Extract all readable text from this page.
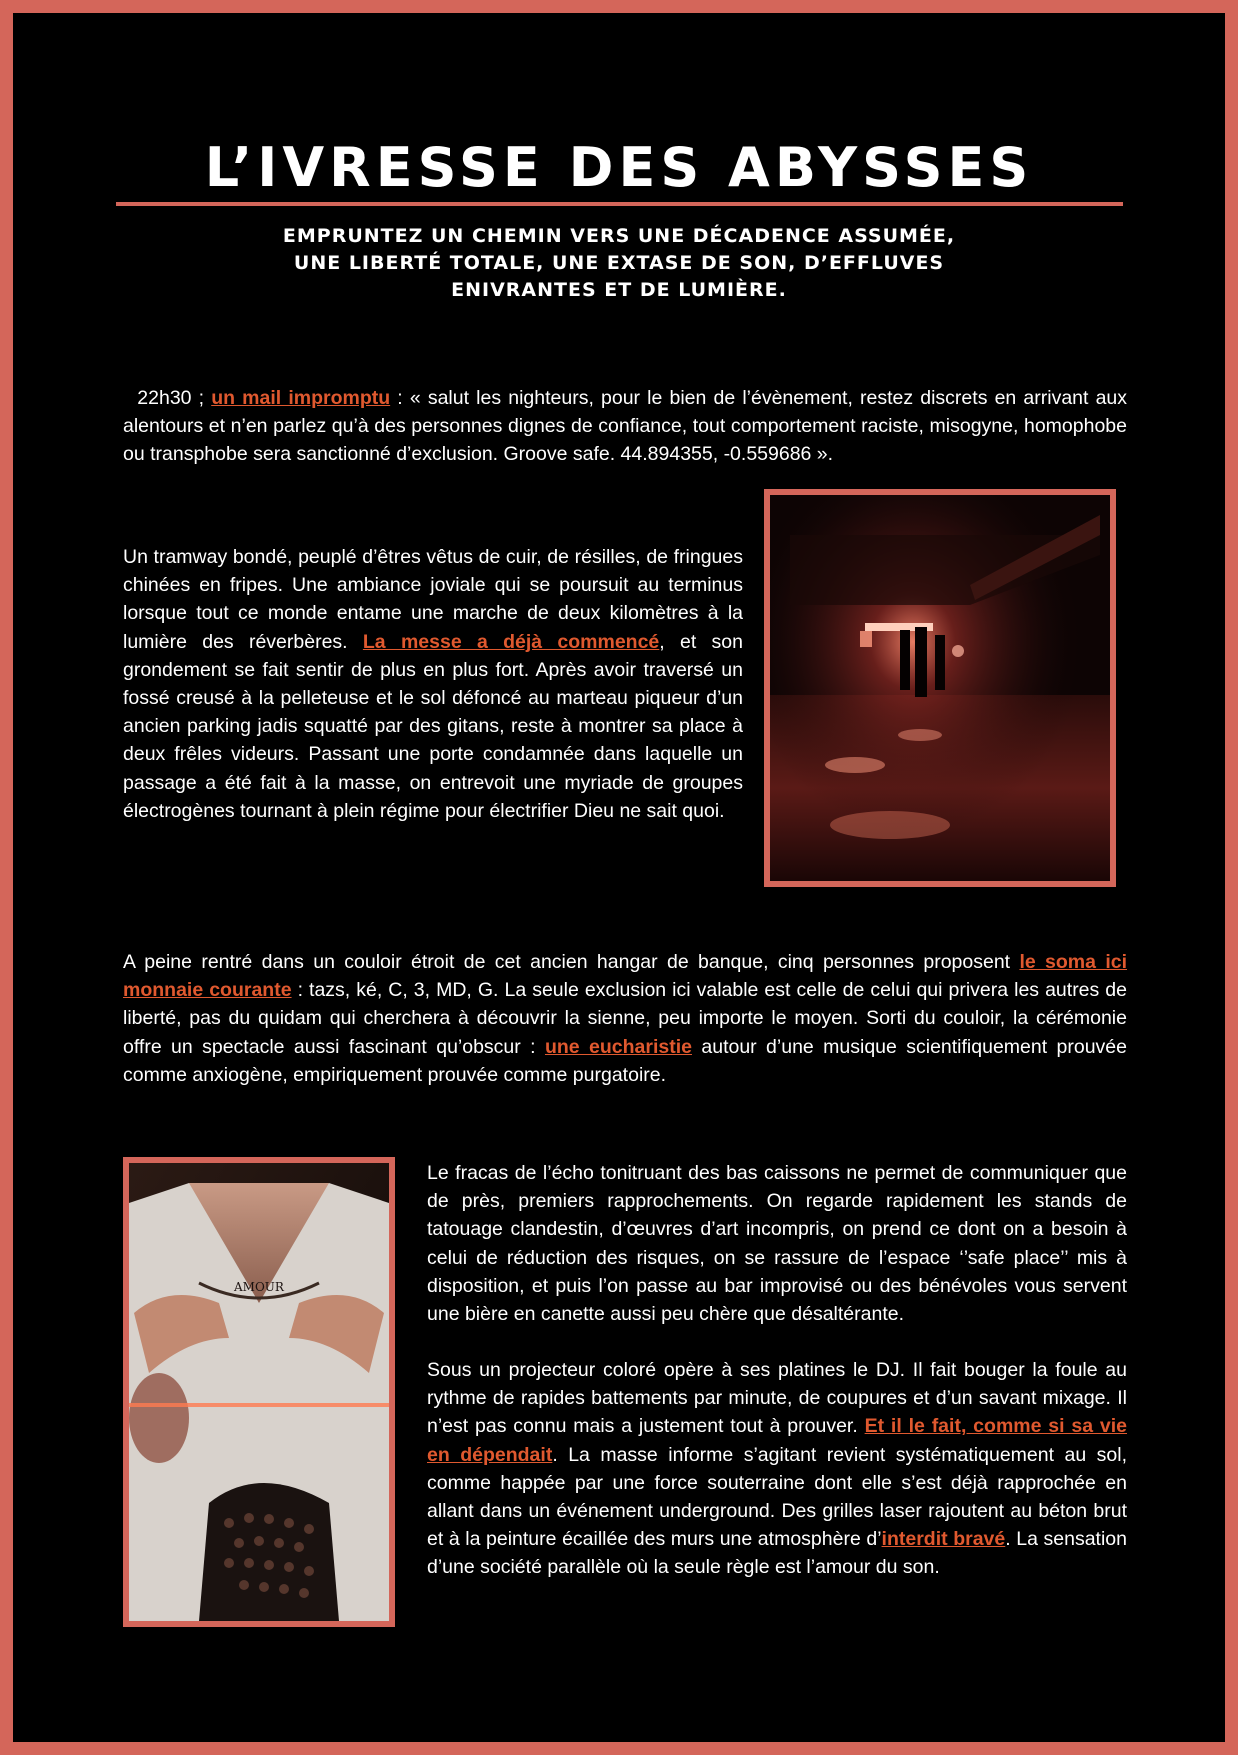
L’IVRESSE DES ABYSSES
EMPRUNTEZ UN CHEMIN VERS UNE DÉCADENCE ASSUMÉE,
UNE LIBERTÉ TOTALE, UNE EXTASE DE SON, D’EFFLUVES
ENIVRANTES ET DE LUMIÈRE.

22h30 ; un mail impromptu : « salut les nighteurs, pour le bien de l’évènement, restez discrets en arrivant aux alentours et n’en parlez qu’à des personnes dignes de confiance, tout comportement raciste, misogyne, homophobe ou transphobe sera sanctionné d’exclusion. Groove safe. 44.894355, -0.559686 ».

Un tramway bondé, peuplé d’êtres vêtus de cuir, de résilles, de fringues chinées en fripes. Une ambiance joviale qui se poursuit au terminus lorsque tout ce monde entame une marche de deux kilomètres à la lumière des réverbères. La messe a déjà commencé, et son grondement se fait sentir de plus en plus fort. Après avoir traversé un fossé creusé à la pelleteuse et le sol défoncé au marteau piqueur d’un ancien parking jadis squatté par des gitans, reste à montrer sa place à deux frêles videurs. Passant une porte condamnée dans laquelle un passage a été fait à la masse, on entrevoit une myriade de groupes électrogènes tournant à plein régime pour électrifier Dieu ne sait quoi.

A peine rentré dans un couloir étroit de cet ancien hangar de banque, cinq personnes proposent le soma ici monnaie courante : tazs, ké, C, 3, MD, G. La seule exclusion ici valable est celle de celui qui privera les autres de liberté, pas du quidam qui cherchera à découvrir la sienne, peu importe le moyen. Sorti du couloir, la cérémonie offre un spectacle aussi fascinant qu’obscur : une eucharistie autour d’une musique scientifiquement prouvée comme anxiogène, empiriquement prouvée comme purgatoire.

AMOUR

Le fracas de l’écho tonitruant des bas caissons ne permet de communiquer que de près, premiers rapprochements. On regarde rapidement les stands de tatouage clandestin, d’œuvres d’art incompris, on prend ce dont on a besoin à celui de réduction des risques, on se rassure de l’espace ‘’safe place’’ mis à disposition, et puis l’on passe au bar improvisé ou des bénévoles vous servent une bière en canette aussi peu chère que désaltérante.

Sous un projecteur coloré opère à ses platines le DJ. Il fait bouger la foule au rythme de rapides battements par minute, de coupures et d’un savant mixage. Il n’est pas connu mais a justement tout à prouver. Et il le fait, comme si sa vie en dépendait. La masse informe s’agitant revient systématiquement au sol, comme happée par une force souterraine dont elle s’est déjà rapprochée en allant dans un événement underground. Des grilles laser rajoutent au béton brut et à la peinture écaillée des murs une atmosphère d’interdit bravé. La sensation d’une société parallèle où la seule règle est l’amour du son.
